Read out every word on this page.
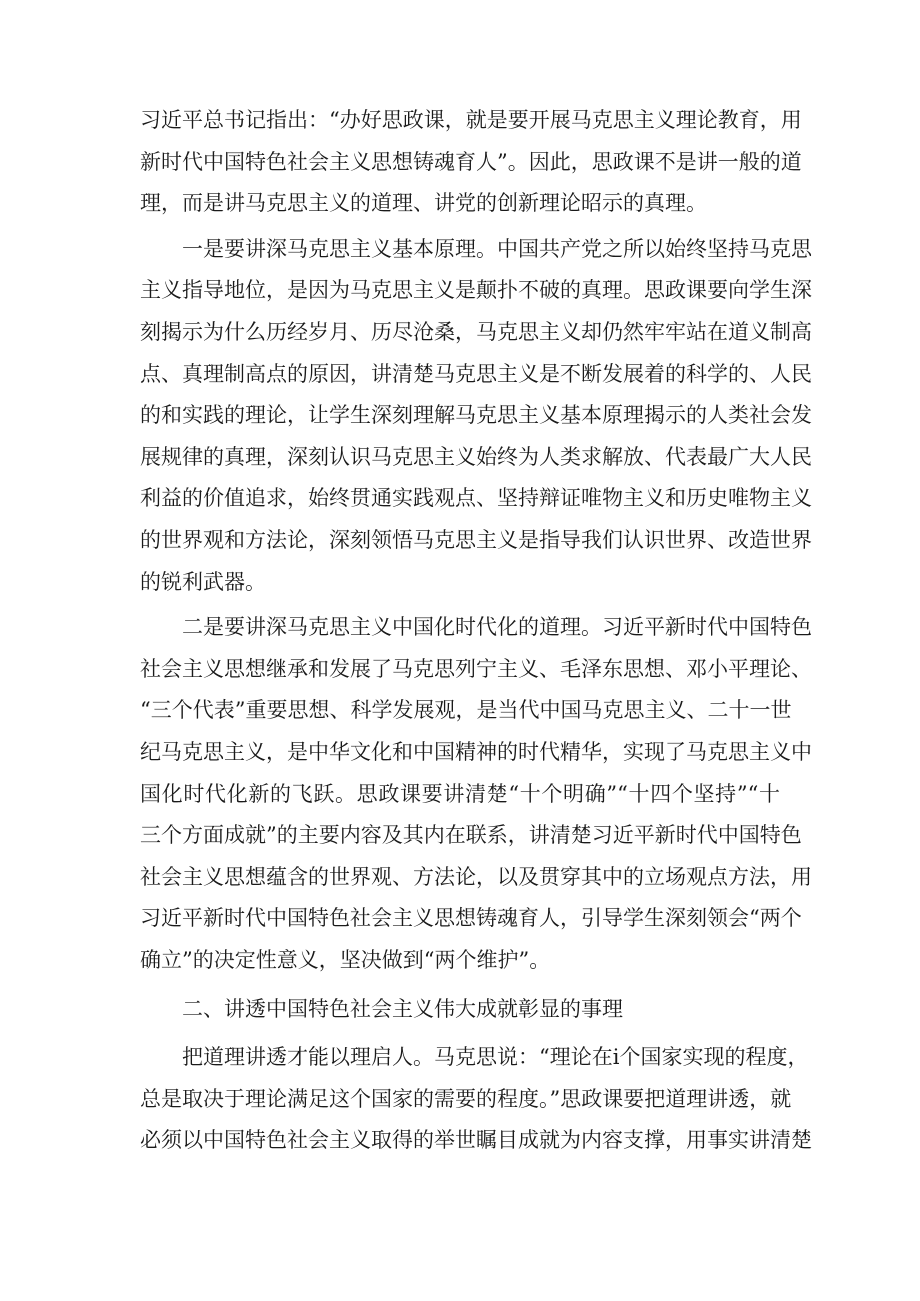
习近平总书记指出：“办好思政课，就是要开展马克思主义理论教育，用
新时代中国特色社会主义思想铸魂育人”。因此，思政课不是讲一般的道
理，而是讲马克思主义的道理、讲党的创新理论昭示的真理。
一是要讲深马克思主义基本原理。中国共产党之所以始终坚持马克思
主义指导地位，是因为马克思主义是颠扑不破的真理。思政课要向学生深
刻揭示为什么历经岁月、历尽沧桑，马克思主义却仍然牢牢站在道义制高
点、真理制高点的原因，讲清楚马克思主义是不断发展着的科学的、人民
的和实践的理论，让学生深刻理解马克思主义基本原理揭示的人类社会发
展规律的真理，深刻认识马克思主义始终为人类求解放、代表最广大人民
利益的价值追求，始终贯通实践观点、坚持辩证唯物主义和历史唯物主义
的世界观和方法论，深刻领悟马克思主义是指导我们认识世界、改造世界
的锐利武器。
二是要讲深马克思主义中国化时代化的道理。习近平新时代中国特色
社会主义思想继承和发展了马克思列宁主义、毛泽东思想、邓小平理论、
“三个代表”重要思想、科学发展观，是当代中国马克思主义、二十一世
纪马克思主义，是中华文化和中国精神的时代精华，实现了马克思主义中
国化时代化新的飞跃。思政课要讲清楚“十个明确”“十四个坚持”“十
三个方面成就”的主要内容及其内在联系，讲清楚习近平新时代中国特色
社会主义思想蕴含的世界观、方法论，以及贯穿其中的立场观点方法，用
习近平新时代中国特色社会主义思想铸魂育人，引导学生深刻领会“两个
确立”的决定性意义，坚决做到“两个维护”。
二、讲透中国特色社会主义伟大成就彰显的事理
把道理讲透才能以理启人。马克思说：“理论在i个国家实现的程度，
总是取决于理论满足这个国家的需要的程度。”思政课要把道理讲透，就
必须以中国特色社会主义取得的举世瞩目成就为内容支撑，用事实讲清楚
